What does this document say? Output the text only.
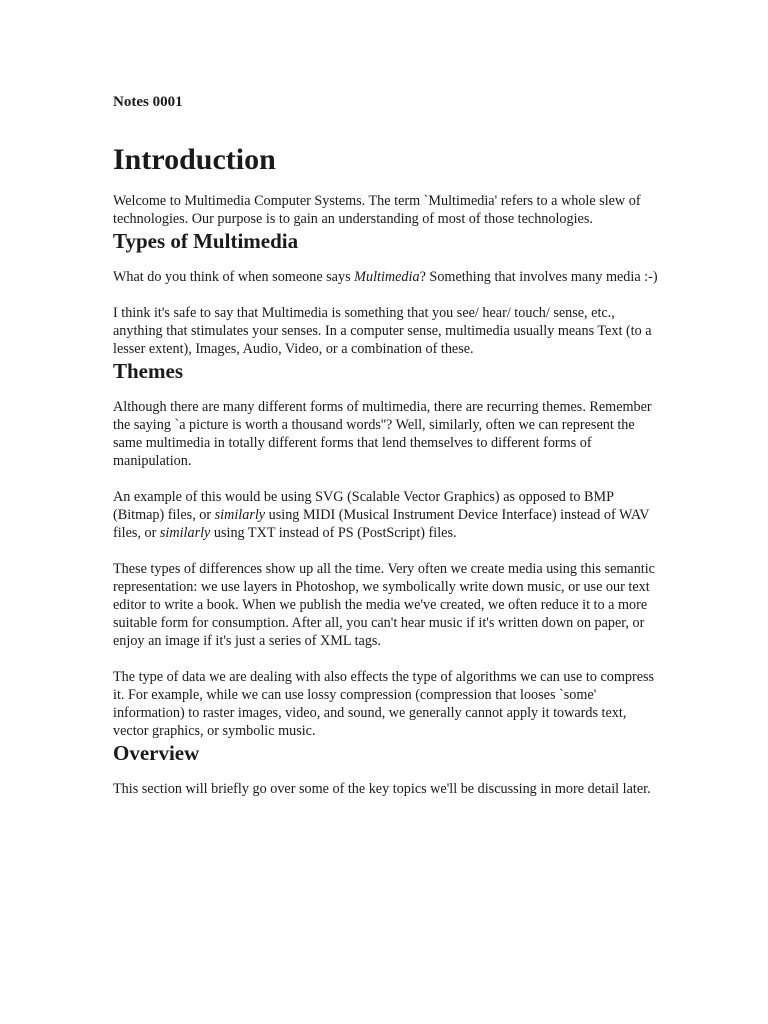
Notes 0001

Introduction

Welcome to Multimedia Computer Systems. The term `Multimedia' refers to a whole slew of technologies. Our purpose is to gain an understanding of most of those technologies.

Types of Multimedia

What do you think of when someone says Multimedia? Something that involves many media :-)

I think it's safe to say that Multimedia is something that you see/ hear/ touch/ sense, etc., anything that stimulates your senses. In a computer sense, multimedia usually means Text (to a lesser extent), Images, Audio, Video, or a combination of these.

Themes

Although there are many different forms of multimedia, there are recurring themes. Remember the saying `a picture is worth a thousand words''? Well, similarly, often we can represent the same multimedia in totally different forms that lend themselves to different forms of manipulation.

An example of this would be using SVG (Scalable Vector Graphics) as opposed to BMP (Bitmap) files, or similarly using MIDI (Musical Instrument Device Interface) instead of WAV files, or similarly using TXT instead of PS (PostScript) files.

These types of differences show up all the time. Very often we create media using this semantic representation: we use layers in Photoshop, we symbolically write down music, or use our text editor to write a book. When we publish the media we've created, we often reduce it to a more suitable form for consumption. After all, you can't hear music if it's written down on paper, or enjoy an image if it's just a series of XML tags.

The type of data we are dealing with also effects the type of algorithms we can use to compress it. For example, while we can use lossy compression (compression that looses `some' information) to raster images, video, and sound, we generally cannot apply it towards text, vector graphics, or symbolic music.

Overview

This section will briefly go over some of the key topics we'll be discussing in more detail later.
